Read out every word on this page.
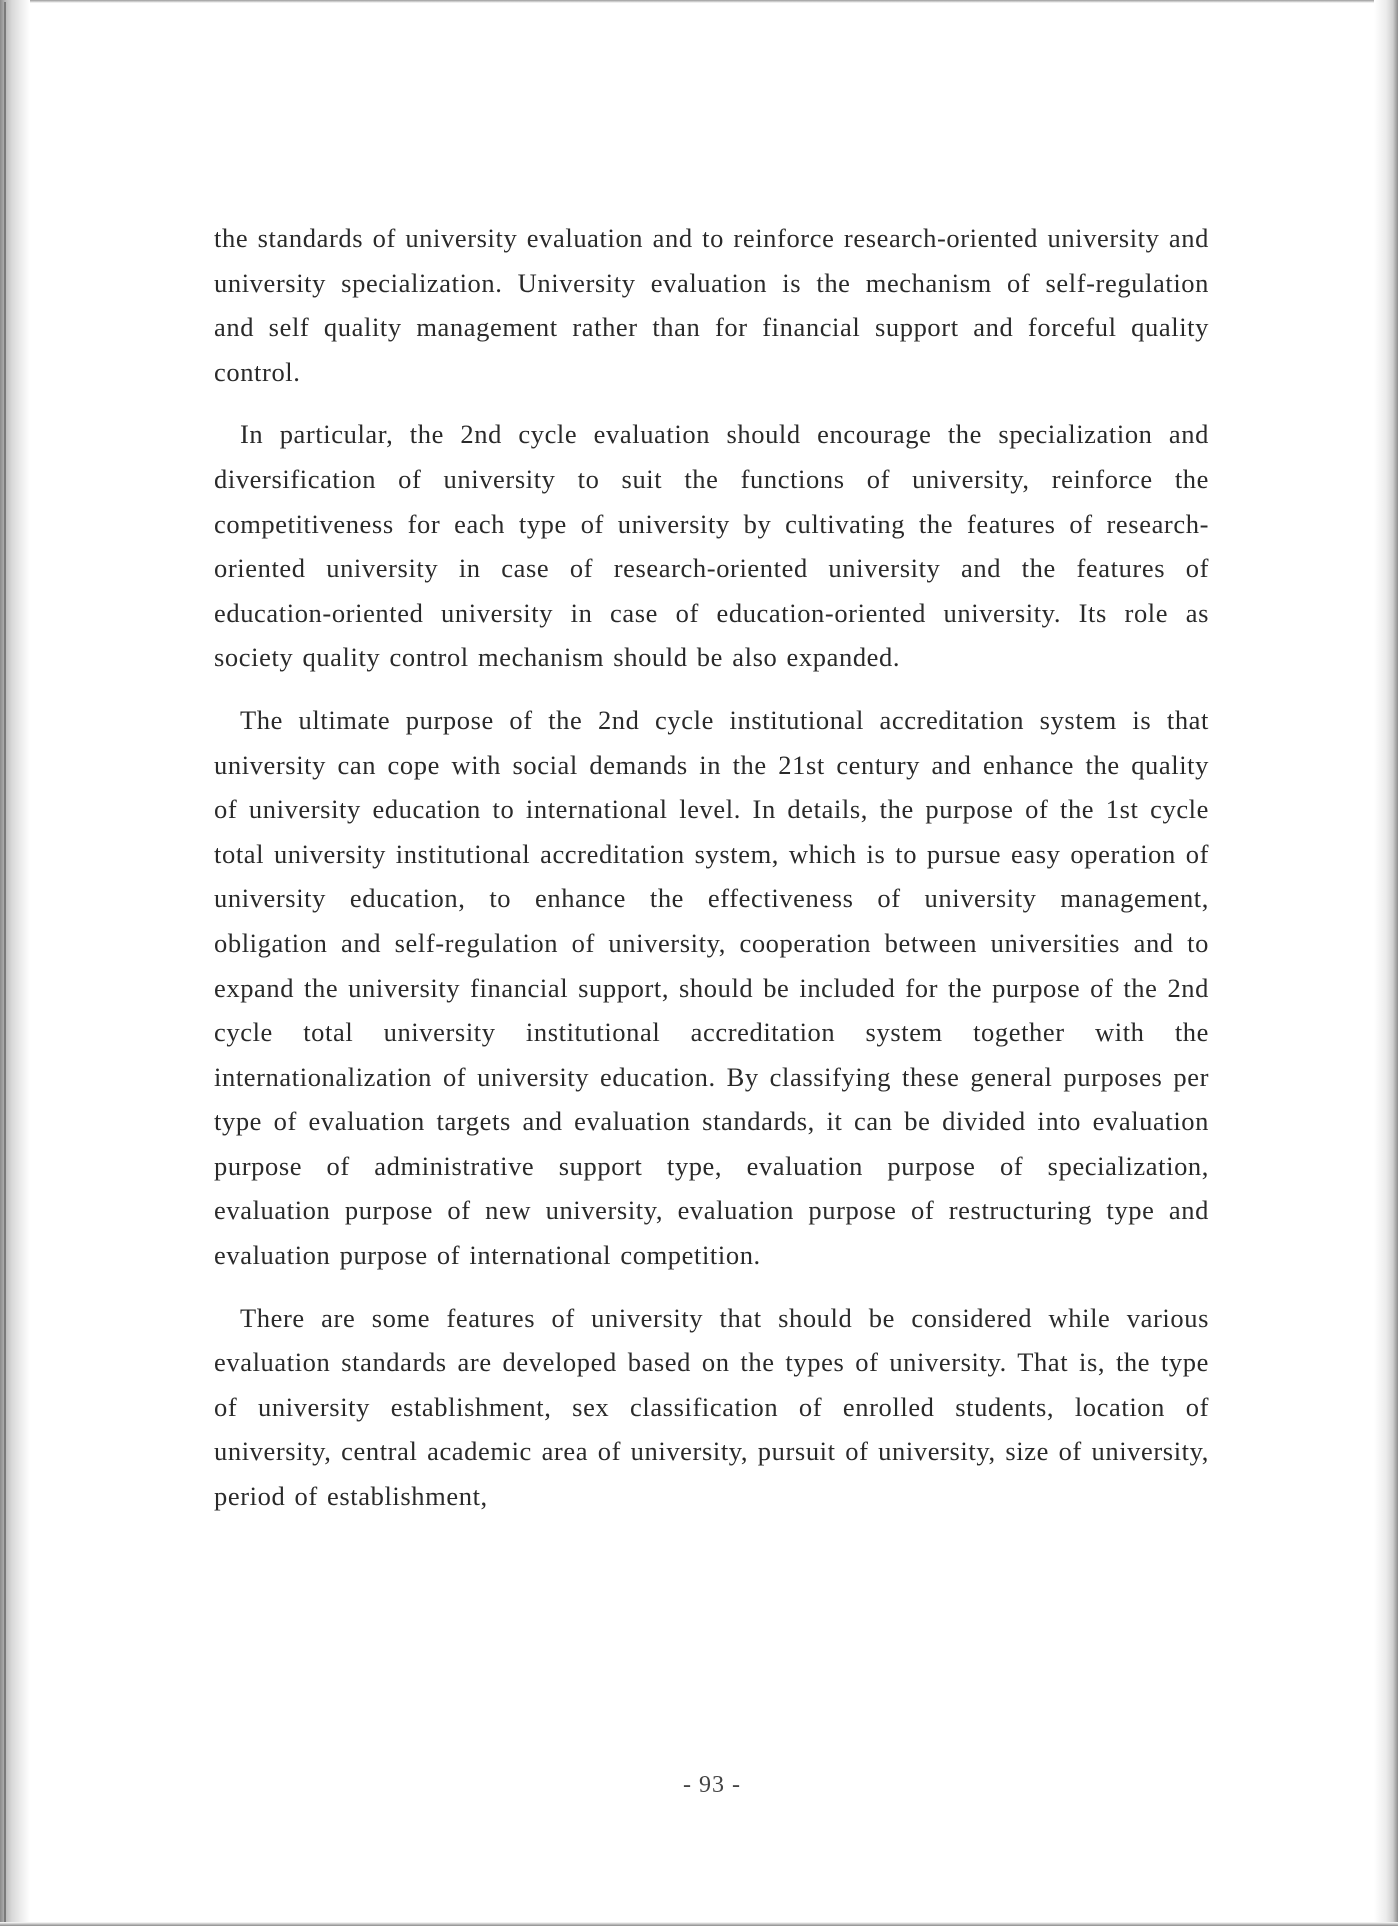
the standards of university evaluation and to reinforce research-oriented university and university specialization. University evaluation is the mechanism of self-regulation and self quality management rather than for financial support and forceful quality control.

In particular, the 2nd cycle evaluation should encourage the specialization and diversification of university to suit the functions of university, reinforce the competitiveness for each type of university by cultivating the features of research-oriented university in case of research-oriented university and the features of education-oriented university in case of education-oriented university. Its role as society quality control mechanism should be also expanded.

The ultimate purpose of the 2nd cycle institutional accreditation system is that university can cope with social demands in the 21st century and enhance the quality of university education to international level. In details, the purpose of the 1st cycle total university institutional accreditation system, which is to pursue easy operation of university education, to enhance the effectiveness of university management, obligation and self-regulation of university, cooperation between universities and to expand the university financial support, should be included for the purpose of the 2nd cycle total university institutional accreditation system together with the internationalization of university education. By classifying these general purposes per type of evaluation targets and evaluation standards, it can be divided into evaluation purpose of administrative support type, evaluation purpose of specialization, evaluation purpose of new university, evaluation purpose of restructuring type and evaluation purpose of international competition.

There are some features of university that should be considered while various evaluation standards are developed based on the types of university. That is, the type of university establishment, sex classification of enrolled students, location of university, central academic area of university, pursuit of university, size of university, period of establishment,

- 93 -
